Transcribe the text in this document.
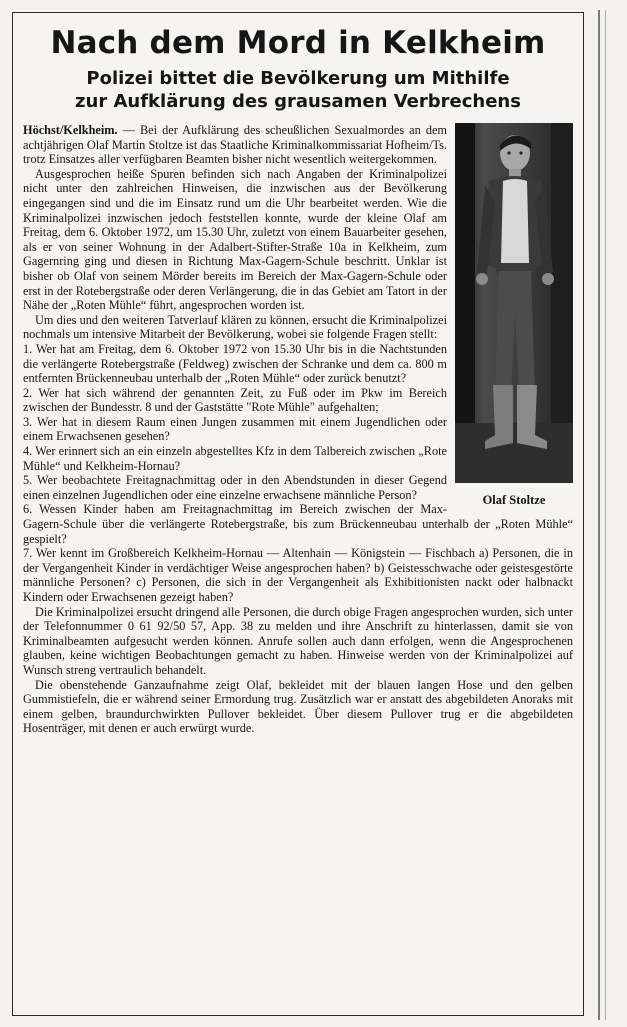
Nach dem Mord in Kelkheim
Polizei bittet die Bevölkerung um Mithilfe
zur Aufklärung des grausamen Verbrechens
Olaf Stoltze

Höchst/Kelkheim. — Bei der Aufklärung des scheußlichen Sexualmordes an dem achtjährigen Olaf Martin Stoltze ist das Staatliche Kriminalkommissariat Hofheim/Ts. trotz Einsatzes aller verfügbaren Beamten bisher nicht wesentlich weitergekommen.

Ausgesprochen heiße Spuren befinden sich nach Angaben der Kriminalpolizei nicht unter den zahlreichen Hinweisen, die inzwischen aus der Bevölkerung eingegangen sind und die im Einsatz rund um die Uhr bearbeitet werden. Wie die Kriminalpolizei inzwischen jedoch feststellen konnte, wurde der kleine Olaf am Freitag, dem 6. Oktober 1972, um 15.30 Uhr, zuletzt von einem Bauarbeiter gesehen, als er von seiner Wohnung in der Adalbert-Stifter-Straße 10a in Kelkheim, zum Gagernring ging und diesen in Richtung Max-Gagern-Schule beschritt. Unklar ist bisher ob Olaf von seinem Mörder bereits im Bereich der Max-Gagern-Schule oder erst in der Rotebergstraße oder deren Verlängerung, die in das Gebiet am Tatort in der Nähe der „Roten Mühle“ führt, angesprochen worden ist.

Um dies und den weiteren Tatverlauf klären zu können, ersucht die Kriminalpolizei nochmals um intensive Mitarbeit der Bevölkerung, wobei sie folgende Fragen stellt:

1. Wer hat am Freitag, dem 6. Oktober 1972 von 15.30 Uhr bis in die Nachtstunden die verlängerte Rotebergstraße (Feldweg) zwischen der Schranke und dem ca. 800 m entfernten Brückenneubau unterhalb der „Roten Mühle“ oder zurück benutzt?

2. Wer hat sich während der genannten Zeit, zu Fuß oder im Pkw im Bereich zwischen der Bundesstr. 8 und der Gaststätte "Rote Mühle" aufgehalten;

3. Wer hat in diesem Raum einen Jungen zusammen mit einem Jugendlichen oder einem Erwachsenen gesehen?

4. Wer erinnert sich an ein einzeln abgestelltes Kfz in dem Talbereich zwischen „Rote Mühle“ und Kelkheim-Hornau?

5. Wer beobachtete Freitagnachmittag oder in den Abendstunden in dieser Gegend einen einzelnen Jugendlichen oder eine einzelne erwachsene männliche Person?

6. Wessen Kinder haben am Freitagnachmittag im Bereich zwischen der Max-Gagern-Schule über die verlängerte Rotebergstraße, bis zum Brückenneubau unterhalb der „Roten Mühle“ gespielt?

7. Wer kennt im Großbereich Kelkheim-Hornau — Altenhain — Königstein — Fischbach a) Personen, die in der Vergangenheit Kinder in verdächtiger Weise angesprochen haben? b) Geistesschwache oder geistesgestörte männliche Personen? c) Personen, die sich in der Vergangenheit als Exhibitionisten nackt oder halbnackt Kindern oder Erwachsenen gezeigt haben?

Die Kriminalpolizei ersucht dringend alle Personen, die durch obige Fragen angesprochen wurden, sich unter der Telefonnummer 0 61 92/50 57, App. 38 zu melden und ihre Anschrift zu hinterlassen, damit sie von Kriminalbeamten aufgesucht werden können. Anrufe sollen auch dann erfolgen, wenn die Angesprochenen glauben, keine wichtigen Beobachtungen gemacht zu haben. Hinweise werden von der Kriminalpolizei auf Wunsch streng vertraulich behandelt.

Die obenstehende Ganzaufnahme zeigt Olaf, bekleidet mit der blauen langen Hose und den gelben Gummistiefeln, die er während seiner Ermordung trug. Zusätzlich war er anstatt des abgebildeten Anoraks mit einem gelben, braundurchwirkten Pullover bekleidet. Über diesem Pullover trug er die abgebildeten Hosenträger, mit denen er auch erwürgt wurde.
